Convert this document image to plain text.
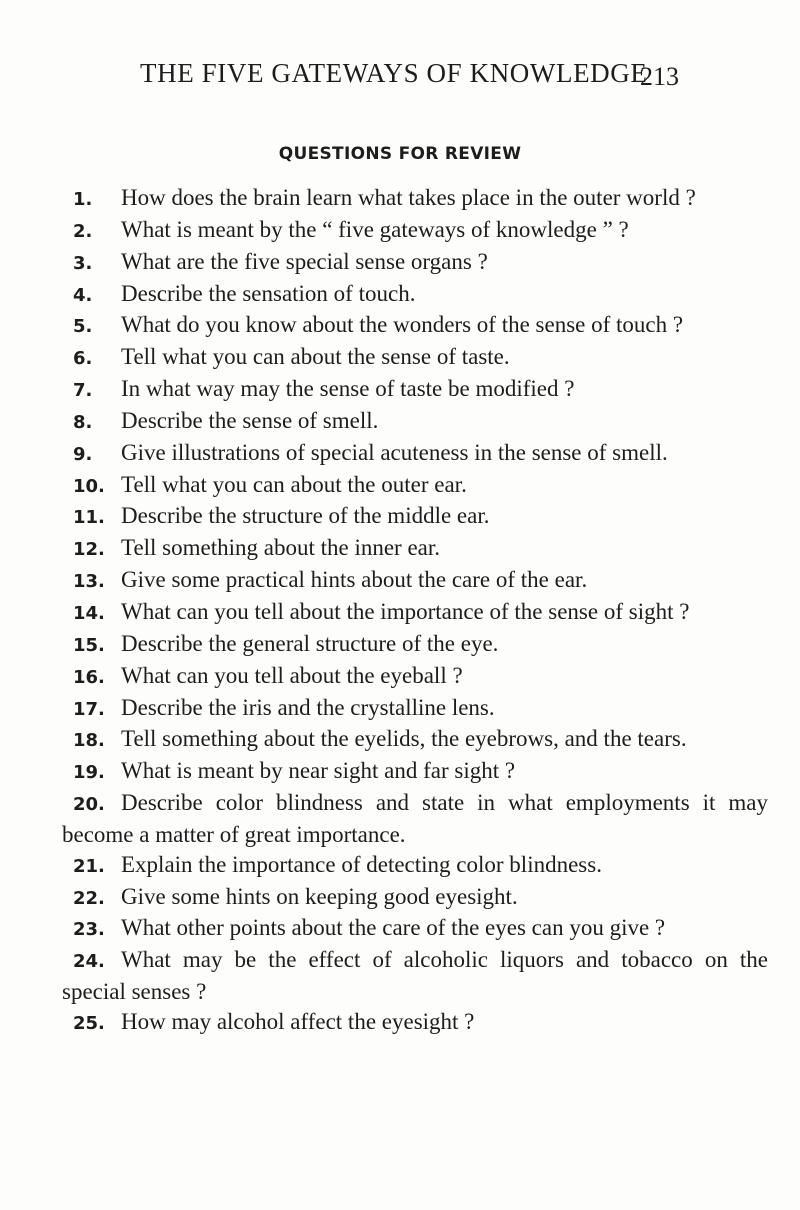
THE FIVE GATEWAYS OF KNOWLEDGE
213
QUESTIONS FOR REVIEW
1. How does the brain learn what takes place in the outer world ?
2. What is meant by the “ five gateways of knowledge ” ?
3. What are the five special sense organs ?
4. Describe the sensation of touch.
5. What do you know about the wonders of the sense of touch ?
6. Tell what you can about the sense of taste.
7. In what way may the sense of taste be modified ?
8. Describe the sense of smell.
9. Give illustrations of special acuteness in the sense of smell.
10. Tell what you can about the outer ear.
11. Describe the structure of the middle ear.
12. Tell something about the inner ear.
13. Give some practical hints about the care of the ear.
14. What can you tell about the importance of the sense of sight ?
15. Describe the general structure of the eye.
16. What can you tell about the eyeball ?
17. Describe the iris and the crystalline lens.
18. Tell something about the eyelids, the eyebrows, and the tears.
19. What is meant by near sight and far sight ?
20. Describe color blindness and state in what employments it may become a matter of great importance.
21. Explain the importance of detecting color blindness.
22. Give some hints on keeping good eyesight.
23. What other points about the care of the eyes can you give ?
24. What may be the effect of alcoholic liquors and tobacco on the special senses ?
25. How may alcohol affect the eyesight ?
